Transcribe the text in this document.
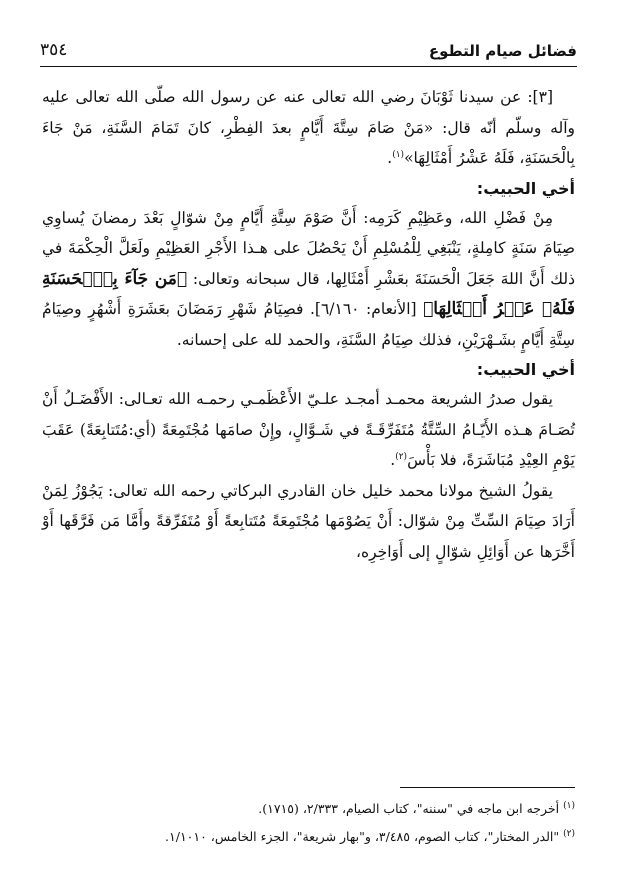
فضائل صيام التطوع
٣٥٤

[٣]: عن سيدنا ثَوْبَانَ رضي الله تعالى عنه عن رسول الله صلّى الله تعالى عليه وآله وسلّم أنّه قال: «مَنْ صَامَ سِتَّةَ أَيَّامٍ بعدَ الفِطْرِ، كانَ تَمَامَ السَّنَةِ، مَنْ جَاءَ بِالْحَسَنَةِ، فَلَهُ عَشْرُ أَمْثَالِهَا»$^{(١)}$.

أخي الحبيب:

مِنْ فَضْلِ الله، وعَظِيْمِ كَرَمِه: أَنَّ صَوْمَ سِتَّةِ أَيَّامٍ مِنْ شوّالٍ بَعْدَ رمضانَ يُساوِي صِيَامَ سَنَةٍ كامِلةٍ، يَنْبَغِي لِلْمُسْلِمِ أَنْ يَحْصُلَ على هـذا الأَجْرِ العَظِيْمِ ولَعَلَّ الْحِكْمَةَ في ذلك أَنَّ اللهَ جَعَلَ الْحَسَنَةَ بعَشْرِ أَمْثَالِها، قال سبحانه وتعالى: ﴿مَن جَآءَ بِٱلۡحَسَنَةِ فَلَهُۥ عَشۡرُ أَمۡثَالِهَا﴾ [الأنعام: ٦/١٦٠]. فصِيَامُ شَهْرِ رَمَضَانَ بعَشَرَةِ أَشْهُرٍ وصِيَامُ سِتَّةِ أَيَّامٍ بشَـهْرَيْنِ، فذلك صِيَامُ السَّنَةِ، والحمد لله على إحسانه.

أخي الحبيب:

يقول صدرُ الشريعة محمـد أمجـد علـيّ الأَعْظَمـي رحمـه الله تعـالى: الأَفْضَـلُ أَنْ تُصَـامَ هـذه الأَيّـامُ السِّتَّةُ مُتَفَرِّقَـةً في شَـوَّالٍ، وإِنْ صامَها مُجْتَمِعَةً (أي:مُتَتابِعَةً) عَقَبَ يَوْمِ العِيْدِ مُبَاشَرَةً، فلا بَأْسَ$^{(٢)}$.

يقولُ الشيخ مولانا محمد خليل خان القادري البركاتي رحمه الله تعالى: يَجُوْزُ لِمَنْ أَرَادَ صِيَامَ السِّتِّ مِنْ شوّال: أَنْ يَصُوْمَها مُجْتَمِعَةً مُتَتابِعةً أَوْ مُتَفَرِّقةً وأَمَّا مَن فَرَّقَها أَوْ أَخَّرَها عن أَوَائِلِ شوّالٍ إلى أَوَاخِرِه،

$^{(١)}$ أخرجه ابن ماجه في "سننه"، كتاب الصيام، ٢/٣٣٣، (١٧١٥).

$^{(٢)}$ "الدر المختار"، كتاب الصوم، ٣/٤٨٥، و"بهار شريعة"، الجزء الخامس، ١/١٠١٠.
